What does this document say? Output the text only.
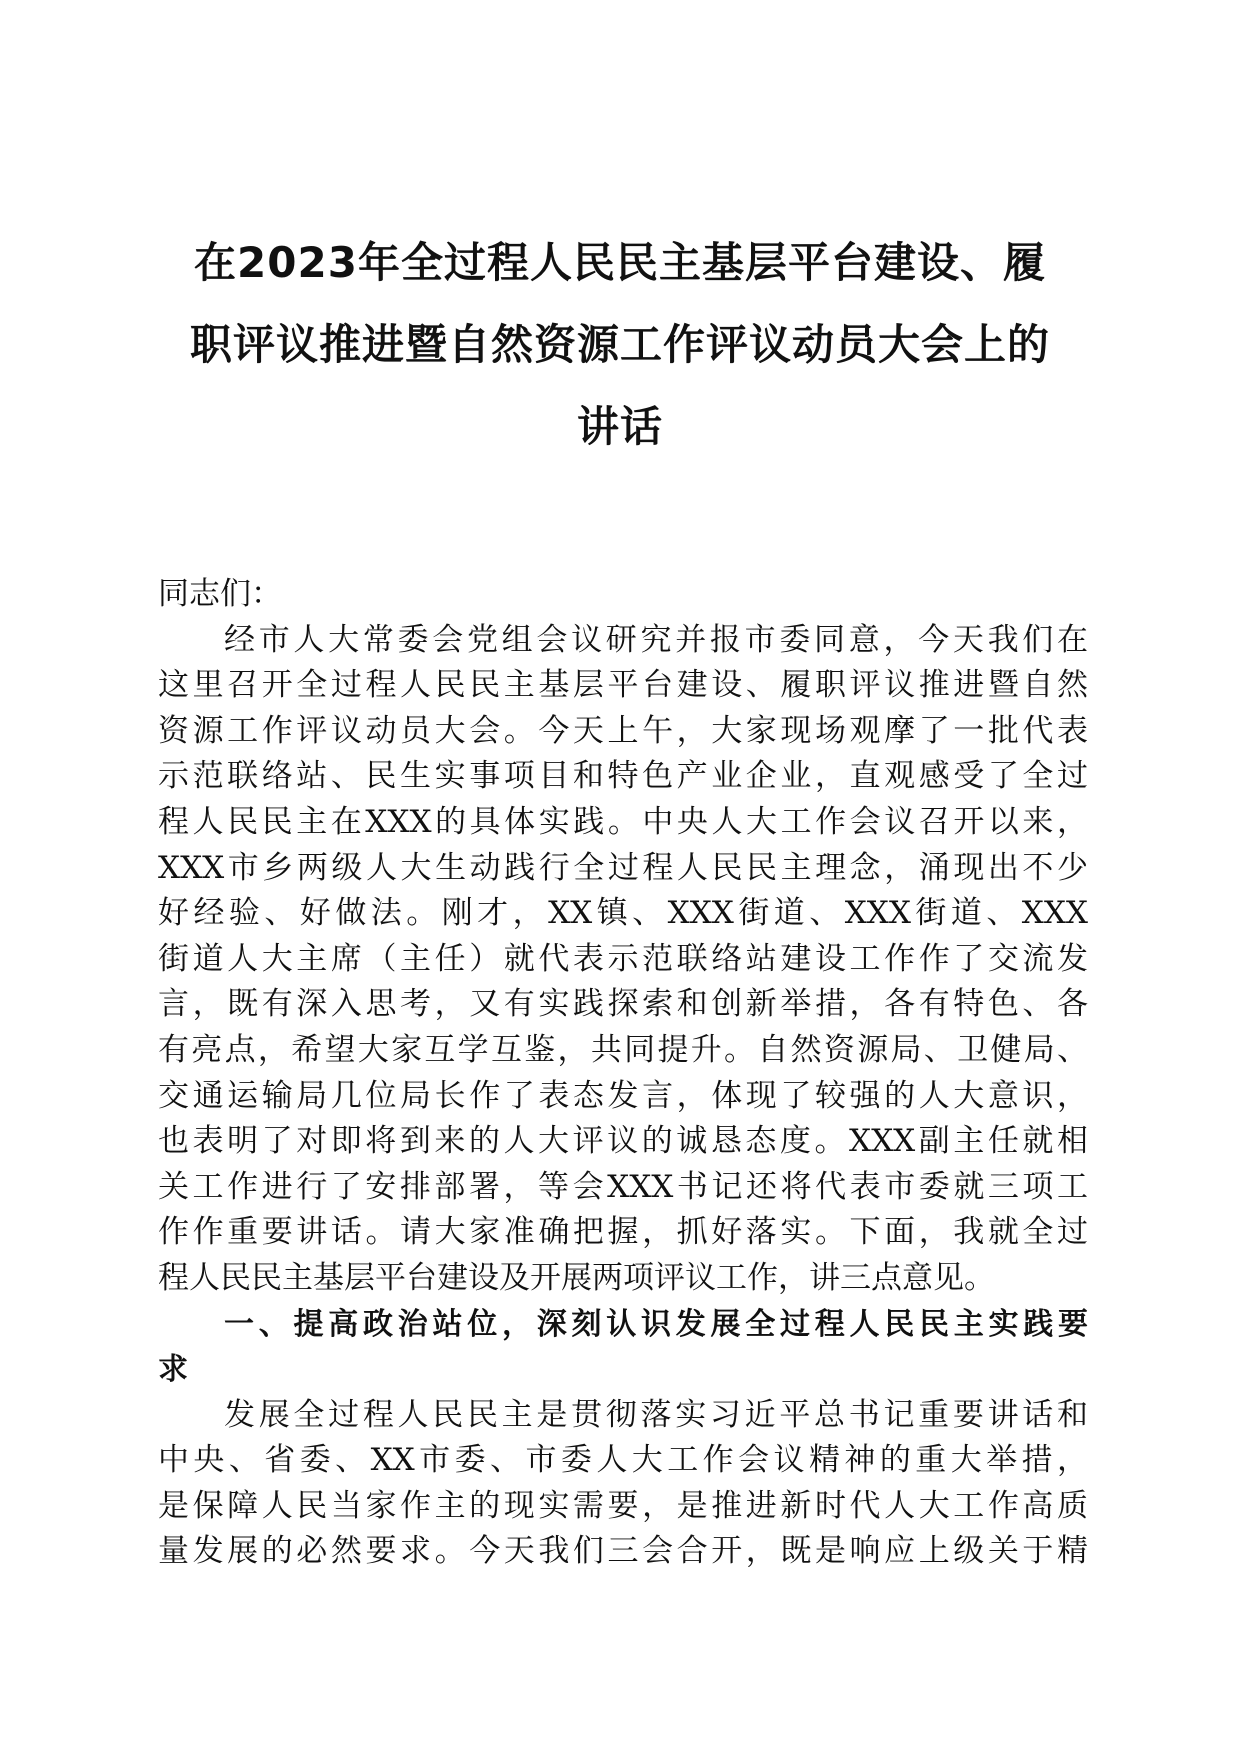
在2023年全过程人民民主基层平台建设、履
职评议推进暨自然资源工作评议动员大会上的
讲话
同志们：
经市人大常委会党组会议研究并报市委同意，今天我们在
这里召开全过程人民民主基层平台建设、履职评议推进暨自然
资源工作评议动员大会。今天上午，大家现场观摩了一批代表
示范联络站、民生实事项目和特色产业企业，直观感受了全过
程人民民主在XXX的具体实践。中央人大工作会议召开以来，
XXX市乡两级人大生动践行全过程人民民主理念，涌现出不少
好经验、好做法。刚才，XX镇、XXX街道、XXX街道、XXX
街道人大主席（主任）就代表示范联络站建设工作作了交流发
言，既有深入思考，又有实践探索和创新举措，各有特色、各
有亮点，希望大家互学互鉴，共同提升。自然资源局、卫健局、
交通运输局几位局长作了表态发言，体现了较强的人大意识，
也表明了对即将到来的人大评议的诚恳态度。XXX副主任就相
关工作进行了安排部署，等会XXX书记还将代表市委就三项工
作作重要讲话。请大家准确把握，抓好落实。下面，我就全过
程人民民主基层平台建设及开展两项评议工作，讲三点意见。
一、提高政治站位，深刻认识发展全过程人民民主实践要
求
发展全过程人民民主是贯彻落实习近平总书记重要讲话和
中央、省委、XX市委、市委人大工作会议精神的重大举措，
是保障人民当家作主的现实需要，是推进新时代人大工作高质
量发展的必然要求。今天我们三会合开，既是响应上级关于精
